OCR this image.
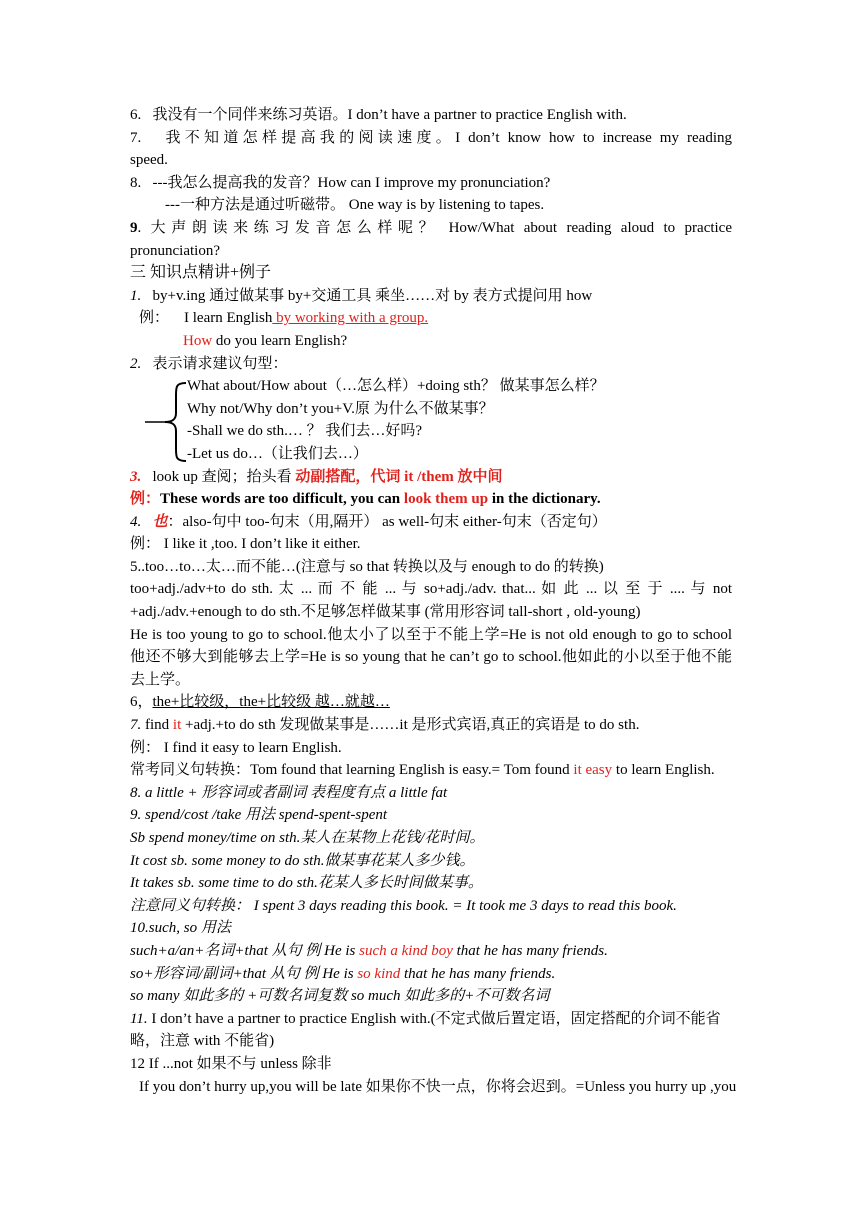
6. 我没有一个同伴来练习英语。I don’t have a partner to practice English with.
7. 我不知道怎样提高我的阅读速度。I don’t know how to increase my reading
speed.
8. ---我怎么提高我的发音？How can I improve my pronunciation?
---一种方法是通过听磁带。 One way is by listening to tapes.
9. 大声朗读来练习发音怎么样呢？ How/What about reading aloud to practice
pronunciation?
三 知识点精讲+例子
1. by+v.ing 通过做某事 by+交通工具 乘坐……对 by 表方式提问用 how
例： I learn English by working with a group.
How do you learn English?
2. 表示请求建议句型：
What about/How about（…怎么样）+doing sth？ 做某事怎么样？
Why not/Why don’t you+V.原 为什么不做某事？
-Shall we do sth.… ？ 我们去…好吗?
-Let us do…（让我们去…）
3. look up 查阅；抬头看 动副搭配，代词 it /them 放中间
例：These words are too difficult, you can look them up in the dictionary.
4. 也：also-句中 too-句末（用,隔开） as well-句末 either-句末（否定句）
例： I like it ,too. I don’t like it either.
5..too…to…太…而不能…(注意与 so that 转换以及与 enough to do 的转换)
too+adj./adv+to do sth. 太 ... 而 不 能 ... 与 so+adj./adv. that... 如 此 ... 以 至 于 .... 与 not
+adj./adv.+enough to do sth.不足够怎样做某事 (常用形容词 tall-short , old-young)
He is too young to go to school.他太小了以至于不能上学=He is not old enough to go to school
他还不够大到能够去上学=He is so young that he can’t go to school.他如此的小以至于他不能
去上学。
6，the+比较级，the+比较级 越…就越…
7. find it +adj.+to do sth 发现做某事是……it 是形式宾语,真正的宾语是 to do sth.
例： I find it easy to learn English.
常考同义句转换：Tom found that learning English is easy.= Tom found it easy to learn English.
8. a little + 形容词或者副词 表程度有点 a little fat
9. spend/cost /take 用法 spend-spent-spent
Sb spend money/time on sth.某人在某物上花钱/花时间。
It cost sb. some money to do sth.做某事花某人多少钱。
It takes sb. some time to do sth.花某人多长时间做某事。
注意同义句转换： I spent 3 days reading this book. = It took me 3 days to read this book.
10.such, so 用法
such+a/an+名词+that 从句 例 He is such a kind boy that he has many friends.
so+形容词/副词+that 从句 例 He is so kind that he has many friends.
so many 如此多的 +可数名词复数 so much 如此多的+不可数名词
11. I don’t have a partner to practice English with.(不定式做后置定语，固定搭配的介词不能省
略，注意 with 不能省)
12 If ...not 如果不与 unless 除非
If you don’t hurry up,you will be late 如果你不快一点，你将会迟到。=Unless you hurry up ,you
